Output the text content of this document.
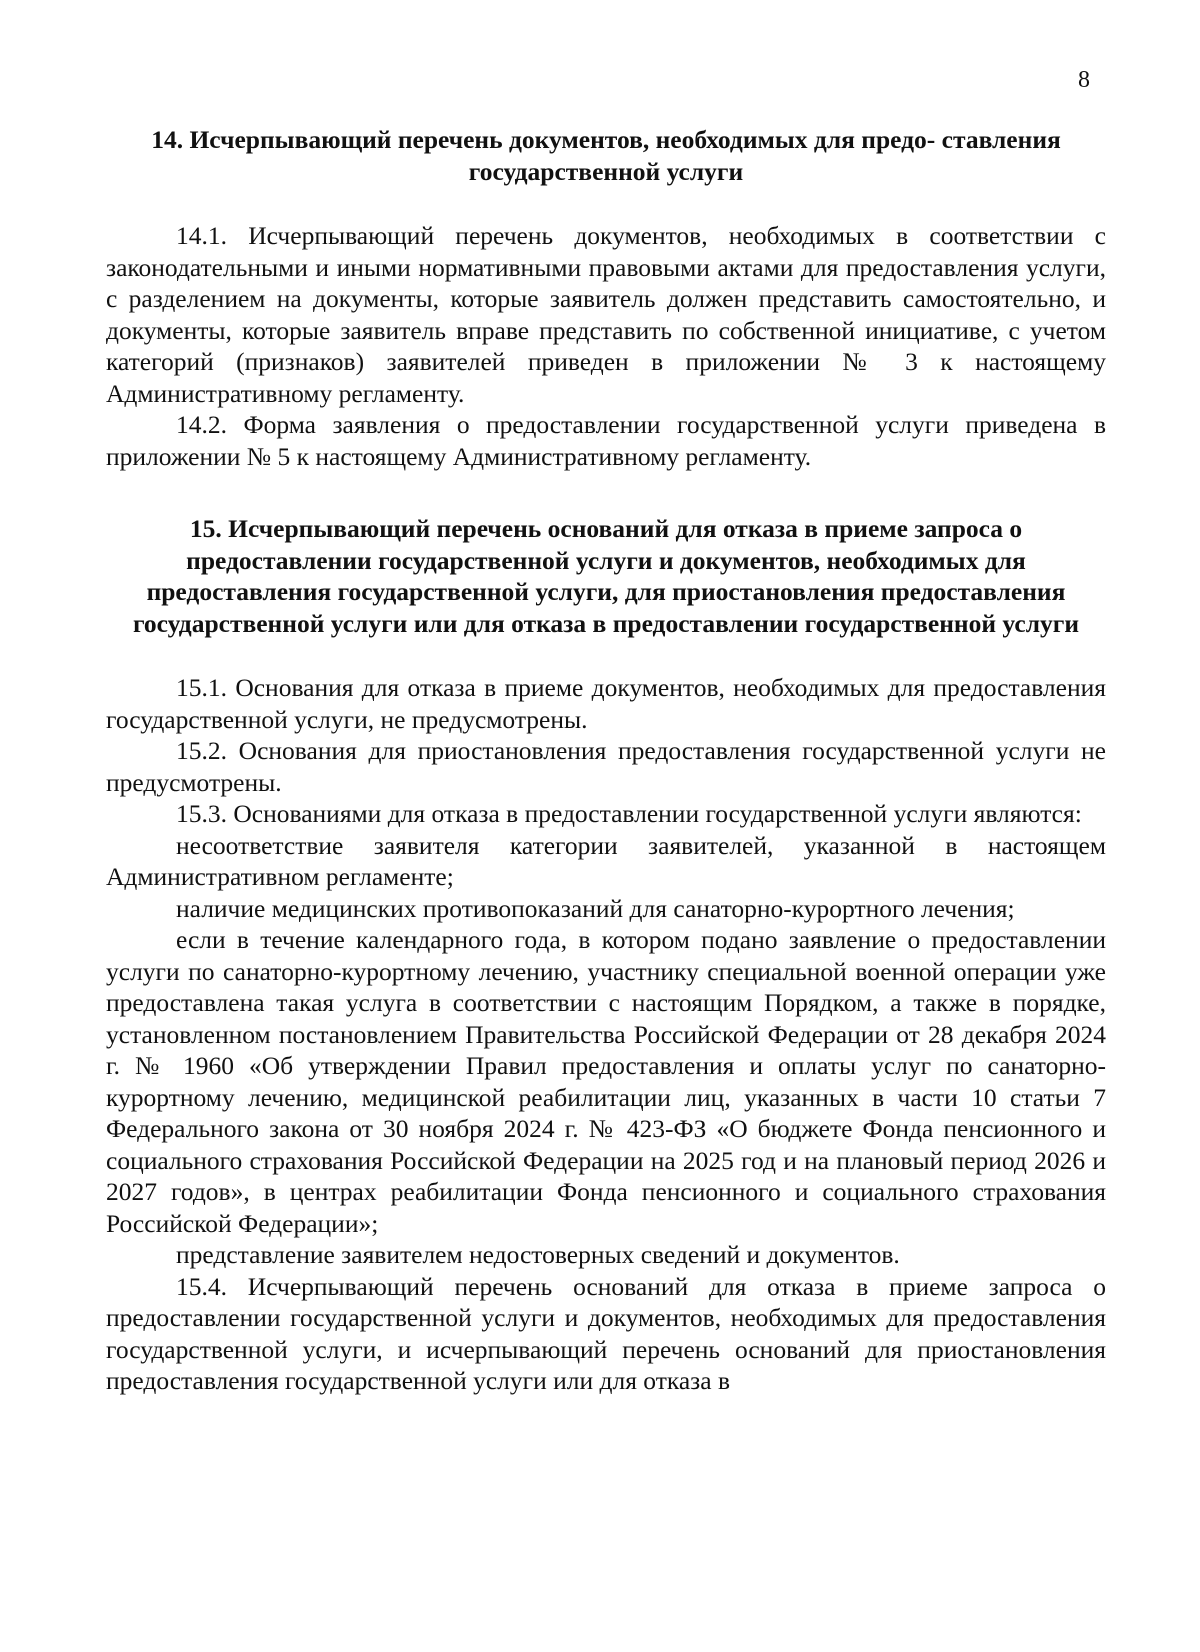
8
14. Исчерпывающий перечень документов, необходимых для предо- ставления государственной услуги

14.1. Исчерпывающий перечень документов, необходимых в соответствии с законодательными и иными нормативными правовыми актами для предоставления услуги, с разделением на документы, которые заявитель должен представить самостоятельно, и документы, которые заявитель вправе представить по собственной инициативе, с учетом категорий (признаков) заявителей приведен в приложении № 3 к настоящему Административному регламенту.

14.2. Форма заявления о предоставлении государственной услуги приведена в приложении № 5 к настоящему Административному регламенту.

15. Исчерпывающий перечень оснований для отказа в приеме запроса о предоставлении государственной услуги и документов, необходимых для предоставления государственной услуги, для приостановления предоставления государственной услуги или для отказа в предоставлении государственной услуги

15.1. Основания для отказа в приеме документов, необходимых для предоставления государственной услуги, не предусмотрены.

15.2. Основания для приостановления предоставления государственной услуги не предусмотрены.

15.3. Основаниями для отказа в предоставлении государственной услуги являются:

несоответствие заявителя категории заявителей, указанной в настоящем Административном регламенте;

наличие медицинских противопоказаний для санаторно-курортного лечения;

если в течение календарного года, в котором подано заявление о предоставлении услуги по санаторно-курортному лечению, участнику специальной военной операции уже предоставлена такая услуга в соответствии с настоящим Порядком, а также в порядке, установленном постановлением Правительства Российской Федерации от 28 декабря 2024 г. № 1960 «Об утверждении Правил предоставления и оплаты услуг по санаторно-курортному лечению, медицинской реабилитации лиц, указанных в части 10 статьи 7 Федерального закона от 30 ноября 2024 г. № 423-ФЗ «О бюджете Фонда пенсионного и социального страхования Российской Федерации на 2025 год и на плановый период 2026 и 2027 годов», в центрах реабилитации Фонда пенсионного и социального страхования Российской Федерации»;

представление заявителем недостоверных сведений и документов.

15.4. Исчерпывающий перечень оснований для отказа в приеме запроса о предоставлении государственной услуги и документов, необходимых для предоставления государственной услуги, и исчерпывающий перечень оснований для приостановления предоставления государственной услуги или для отказа в
